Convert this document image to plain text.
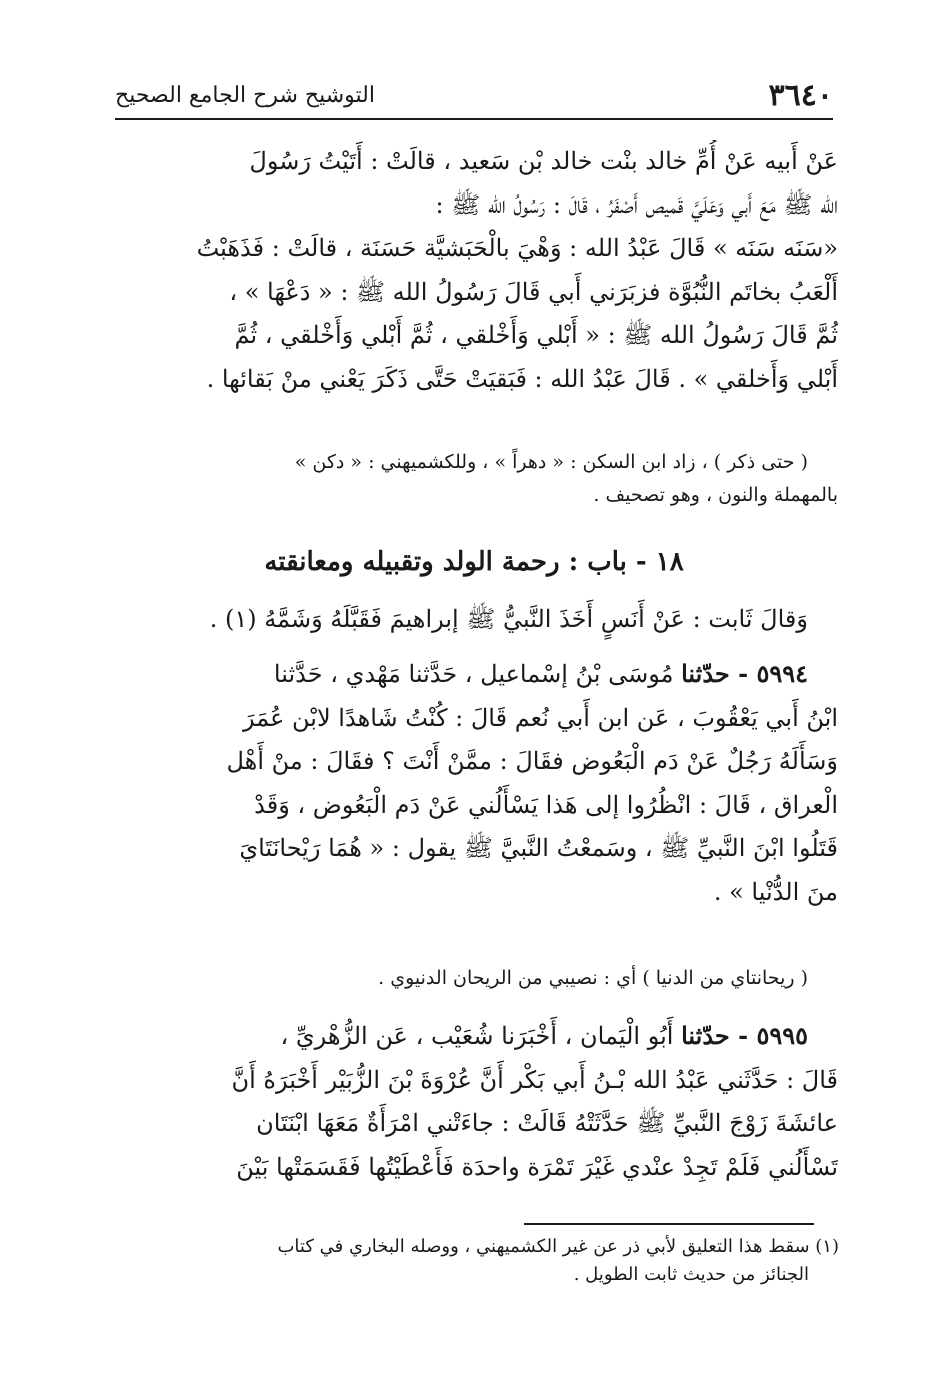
٣٦٤٠
التوشيح شرح الجامع الصحيح
عَنْ أَبيه عَنْ أُمِّ خالد بنْت خالد بْن سَعيد ، قالَتْ : أَتَيْتُ رَسُولَ
الله ﷺ مَعَ أَبي وَعَلَيَّ قَميص أَصْفَرُ ، قَالَ : رَسُولُ الله ﷺ :
«سَنَه سَنَه » قَالَ عَبْدُ الله : وَهْيَ بالْحَبَشيَّة حَسَنَة ، قالَتْ : فَذَهَبْتُ
أَلْعَبُ بخاتَم النُّبُوَّة فزبَرَني أَبي قَالَ رَسُولُ الله ﷺ : « دَعْهَا » ،
ثُمَّ قَالَ رَسُولُ الله ﷺ : « أَبْلي وَأَخْلقي ، ثُمَّ أَبْلي وَأَخْلقي ، ثُمَّ
أَبْلي وَأَخلقي » . قَالَ عَبْدُ الله : فَبَقيَتْ حَتَّى ذَكَرَ يَعْني منْ بَقائها .
( حتى ذكر ) ، زاد ابن السكن : « دهراً » ، وللكشميهني : « دكن »
بالمهملة والنون ، وهو تصحيف .
١٨ - باب : رحمة الولد وتقبيله ومعانقته
وَقالَ ثَابت : عَنْ أَنَسٍ أَخَذَ النَّبيُّ ﷺ إبراهيمَ فَقَبَّلَهُ وَشَمَّهُ (١) .
٥٩٩٤ - حدّثنا مُوسَى بْنُ إسْماعيل ، حَدَّثنا مَهْدي ، حَدَّثنا
ابْنُ أَبي يَعْقُوبَ ، عَن ابن أَبي نُعم قَالَ : كُنْتُ شَاهدًا لابْن عُمَرَ
وَسَأَلَهُ رَجُلٌ عَنْ دَم الْبَعُوض فقَالَ : ممَّنْ أَنْتَ ؟ فقَالَ : منْ أَهْل
الْعراق ، قَالَ : انْظُرُوا إلى هَذا يَسْأَلُني عَنْ دَم الْبَعُوض ، وَقَدْ
قَتَلُوا ابْنَ النَّبيِّ ﷺ ، وسَمعْتُ النَّبيَّ ﷺ يقول : « هُمَا رَيْحانَتَايَ
منَ الدُّنْيا » .
( ريحانتاي من الدنيا ) أي : نصيبي من الريحان الدنيوي .
٥٩٩٥ - حدّثنا أَبُو الْيَمان ، أَخْبَرَنا شُعَيْب ، عَن الزُّهْريِّ ،
قَالَ : حَدَّثَني عَبْدُ الله بْـنُ أَبي بَكْر أَنَّ عُرْوَةَ بْنَ الزُّبَيْر أَخْبَرَهُ أَنَّ
عائشَةَ زَوْجَ النَّبيِّ ﷺ حَدَّثَتْهُ قَالَتْ : جاءَتْني امْرَأَةٌ مَعَهَا ابْنَتَان
تَسْأَلُني فَلَمْ تَجِدْ عنْدي غَيْرَ تَمْرَة واحدَة فَأَعْطَيْتُها فَقَسَمَتْها بَيْنَ
(١) سقط هذا التعليق لأبي ذر عن غير الكشميهني ، ووصله البخاري في كتاب
الجنائز من حديث ثابت الطويل .
